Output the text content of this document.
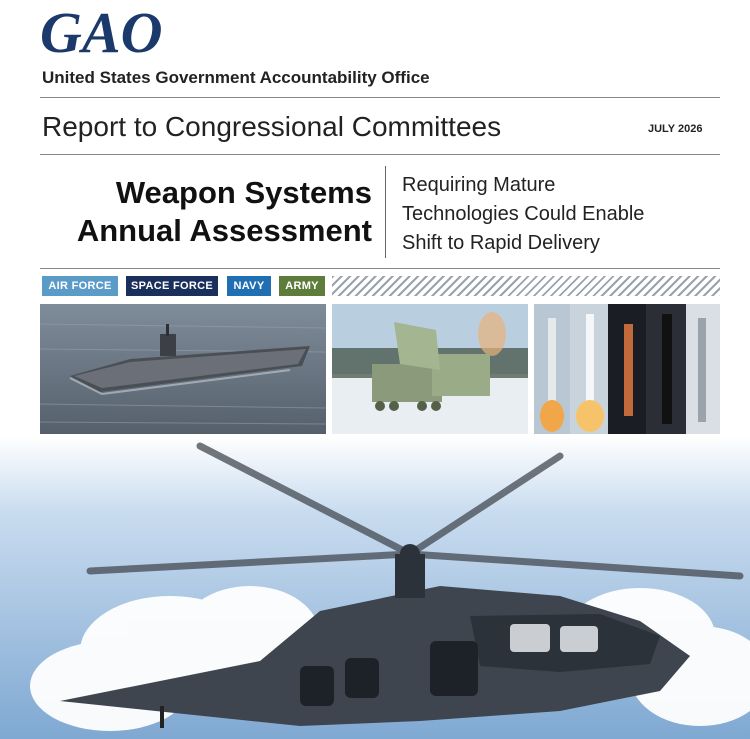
GAO
United States Government Accountability Office
Report to Congressional Committees	JULY 2026
Weapon Systems
Annual Assessment
Requiring Mature
Technologies Could Enable
Shift to Rapid Delivery
AIR FORCE	SPACE FORCE	NAVY	ARMY
